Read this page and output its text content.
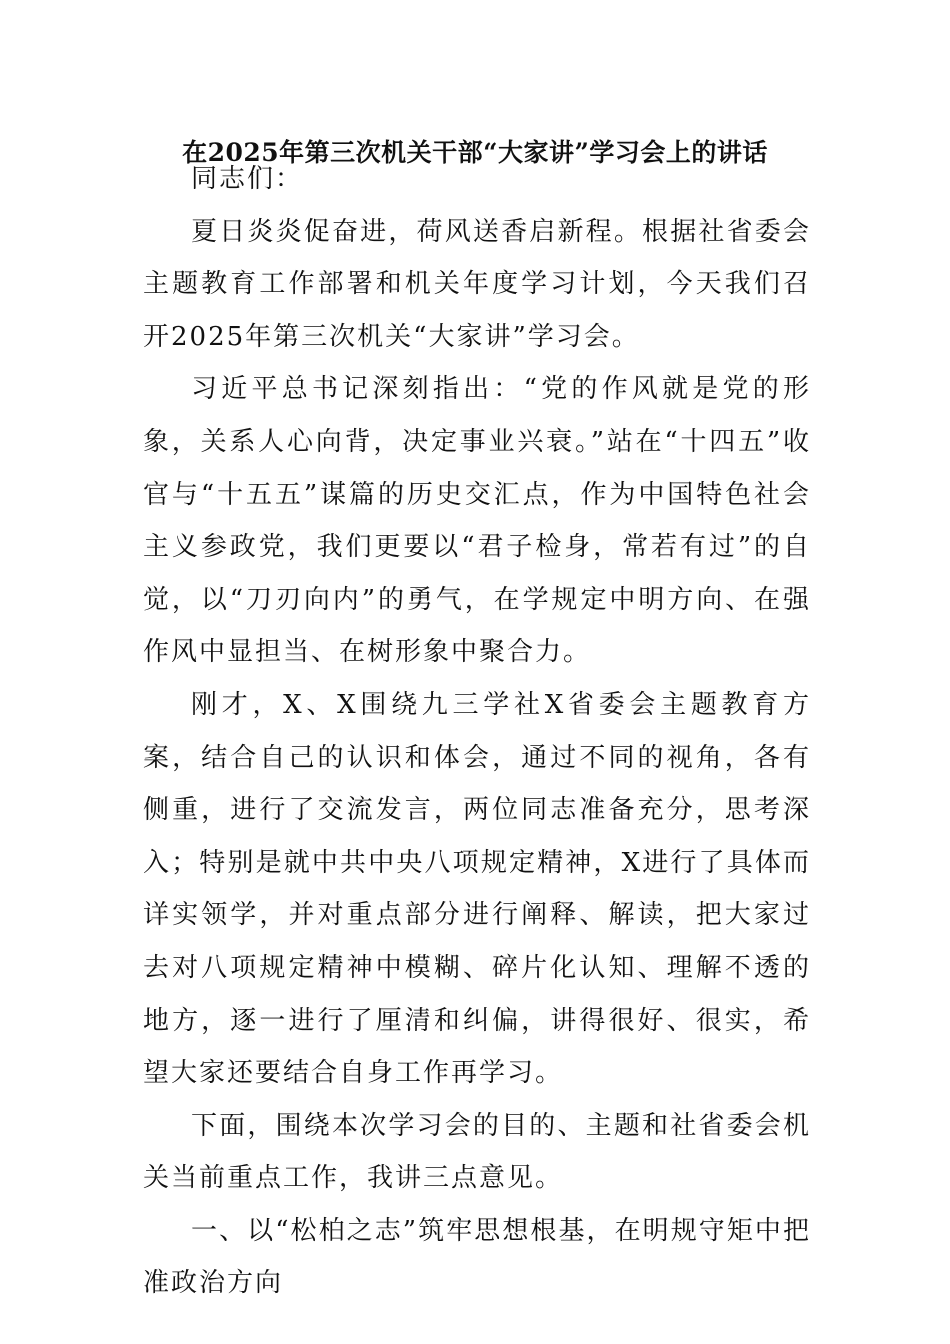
在2025年第三次机关干部“大家讲”学习会上的讲话

同志们：

夏日炎炎促奋进，荷风送香启新程。根据社省委会主题教育工作部署和机关年度学习计划，今天我们召开2025年第三次机关“大家讲”学习会。

习近平总书记深刻指出：“党的作风就是党的形象，关系人心向背，决定事业兴衰。”站在“十四五”收官与“十五五”谋篇的历史交汇点，作为中国特色社会主义参政党，我们更要以“君子检身，常若有过”的自觉，以“刀刃向内”的勇气，在学规定中明方向、在强作风中显担当、在树形象中聚合力。

刚才，X、X围绕九三学社X省委会主题教育方案，结合自己的认识和体会，通过不同的视角，各有侧重，进行了交流发言，两位同志准备充分，思考深入；特别是就中共中央八项规定精神，X进行了具体而详实领学，并对重点部分进行阐释、解读，把大家过去对八项规定精神中模糊、碎片化认知、理解不透的地方，逐一进行了厘清和纠偏，讲得很好、很实，希望大家还要结合自身工作再学习。

下面，围绕本次学习会的目的、主题和社省委会机关当前重点工作，我讲三点意见。

一、以“松柏之志”筑牢思想根基，在明规守矩中把准政治方向
